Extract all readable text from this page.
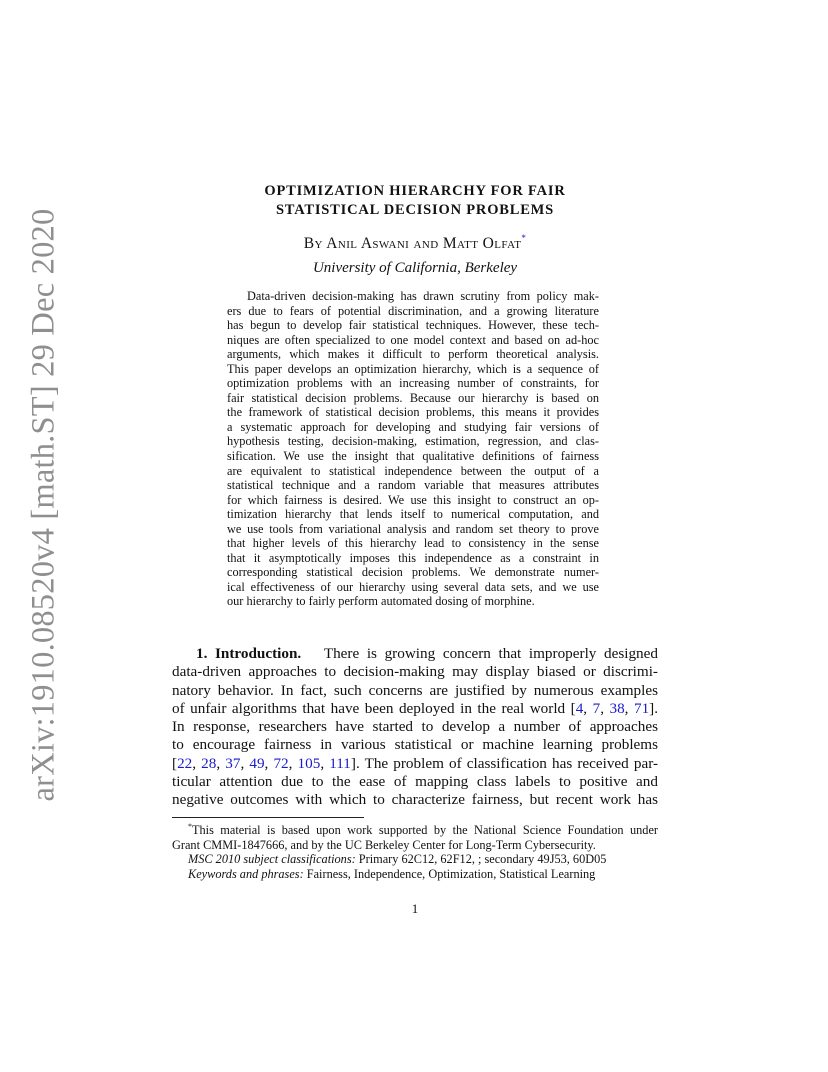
arXiv:1910.08520v4 [math.ST] 29 Dec 2020
OPTIMIZATION HIERARCHY FOR FAIR
STATISTICAL DECISION PROBLEMS
By Anil Aswani and Matt Olfat*
University of California, Berkeley
Data-driven decision-making has drawn scrutiny from policy mak-
ers due to fears of potential discrimination, and a growing literature
has begun to develop fair statistical techniques. However, these tech-
niques are often specialized to one model context and based on ad-hoc
arguments, which makes it difficult to perform theoretical analysis.
This paper develops an optimization hierarchy, which is a sequence of
optimization problems with an increasing number of constraints, for
fair statistical decision problems. Because our hierarchy is based on
the framework of statistical decision problems, this means it provides
a systematic approach for developing and studying fair versions of
hypothesis testing, decision-making, estimation, regression, and clas-
sification. We use the insight that qualitative definitions of fairness
are equivalent to statistical independence between the output of a
statistical technique and a random variable that measures attributes
for which fairness is desired. We use this insight to construct an op-
timization hierarchy that lends itself to numerical computation, and
we use tools from variational analysis and random set theory to prove
that higher levels of this hierarchy lead to consistency in the sense
that it asymptotically imposes this independence as a constraint in
corresponding statistical decision problems. We demonstrate numer-
ical effectiveness of our hierarchy using several data sets, and we use
our hierarchy to fairly perform automated dosing of morphine.
1. Introduction. There is growing concern that improperly designed
data-driven approaches to decision-making may display biased or discrimi-
natory behavior. In fact, such concerns are justified by numerous examples
of unfair algorithms that have been deployed in the real world [4, 7, 38, 71].
In response, researchers have started to develop a number of approaches
to encourage fairness in various statistical or machine learning problems
[22, 28, 37, 49, 72, 105, 111]. The problem of classification has received par-
ticular attention due to the ease of mapping class labels to positive and
negative outcomes with which to characterize fairness, but recent work has
*This material is based upon work supported by the National Science Foundation under
Grant CMMI-1847666, and by the UC Berkeley Center for Long-Term Cybersecurity.
MSC 2010 subject classifications: Primary 62C12, 62F12, ; secondary 49J53, 60D05
Keywords and phrases: Fairness, Independence, Optimization, Statistical Learning
1
